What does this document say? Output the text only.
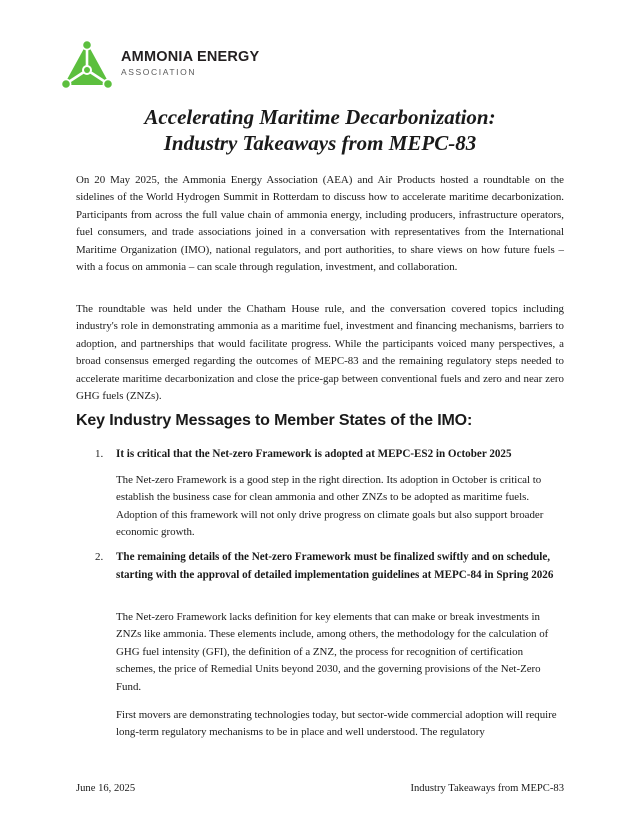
AMMONIA ENERGY

ASSOCIATION

Accelerating Maritime Decarbonization:
Industry Takeaways from MEPC-83

On 20 May 2025, the Ammonia Energy Association (AEA) and Air Products hosted a roundtable on the sidelines of the World Hydrogen Summit in Rotterdam to discuss how to accelerate maritime decarbonization. Participants from across the full value chain of ammonia energy, including producers, infrastructure operators, fuel consumers, and trade associations joined in a conversation with representatives from the International Maritime Organization (IMO), national regulators, and port authorities, to share views on how future fuels – with a focus on ammonia – can scale through regulation, investment, and collaboration.

The roundtable was held under the Chatham House rule, and the conversation covered topics including industry's role in demonstrating ammonia as a maritime fuel, investment and financing mechanisms, barriers to adoption, and partnerships that would facilitate progress. While the participants voiced many perspectives, a broad consensus emerged regarding the outcomes of MEPC-83 and the remaining regulatory steps needed to accelerate maritime decarbonization and close the price-gap between conventional fuels and zero and near zero GHG fuels (ZNZs).

Key Industry Messages to Member States of the IMO:
1. It is critical that the Net-zero Framework is adopted at MEPC-ES2 in October 2025

The Net-zero Framework is a good step in the right direction. Its adoption in October is critical to establish the business case for clean ammonia and other ZNZs to be adopted as maritime fuels. Adoption of this framework will not only drive progress on climate goals but also support broader economic growth.

2. The remaining details of the Net-zero Framework must be finalized swiftly and on schedule, starting with the approval of detailed implementation guidelines at MEPC-84 in Spring 2026

The Net-zero Framework lacks definition for key elements that can make or break investments in ZNZs like ammonia. These elements include, among others, the methodology for the calculation of GHG fuel intensity (GFI), the definition of a ZNZ, the process for recognition of certification schemes, the price of Remedial Units beyond 2030, and the governing provisions of the Net-Zero Fund.

First movers are demonstrating technologies today, but sector-wide commercial adoption will require long-term regulatory mechanisms to be in place and well understood. The regulatory

June 16, 2025	Industry Takeaways from MEPC-83
